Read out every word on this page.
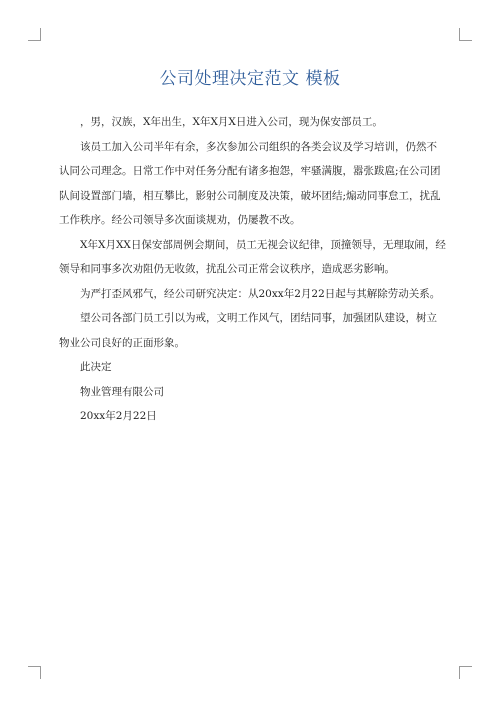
公司处理决定范文 模板

，男，汉族，X年出生，X年X月X日进入公司，现为保安部员工。

该员工加入公司半年有余，多次参加公司组织的各类会议及学习培训，仍然不认同公司理念。日常工作中对任务分配有诸多抱怨，牢骚满腹，嚣张跋扈;在公司团队间设置部门墙，相互攀比，影射公司制度及决策，破坏团结;煽动同事怠工，扰乱工作秩序。经公司领导多次面谈规劝，仍屡教不改。

X年X月XX日保安部周例会期间，员工无视会议纪律，顶撞领导，无理取闹，经领导和同事多次劝阻仍无收敛，扰乱公司正常会议秩序，造成恶劣影响。

为严打歪风邪气，经公司研究决定：从20xx年2月22日起与其解除劳动关系。

望公司各部门员工引以为戒，文明工作风气，团结同事，加强团队建设，树立物业公司良好的正面形象。

此决定

物业管理有限公司

20xx年2月22日
